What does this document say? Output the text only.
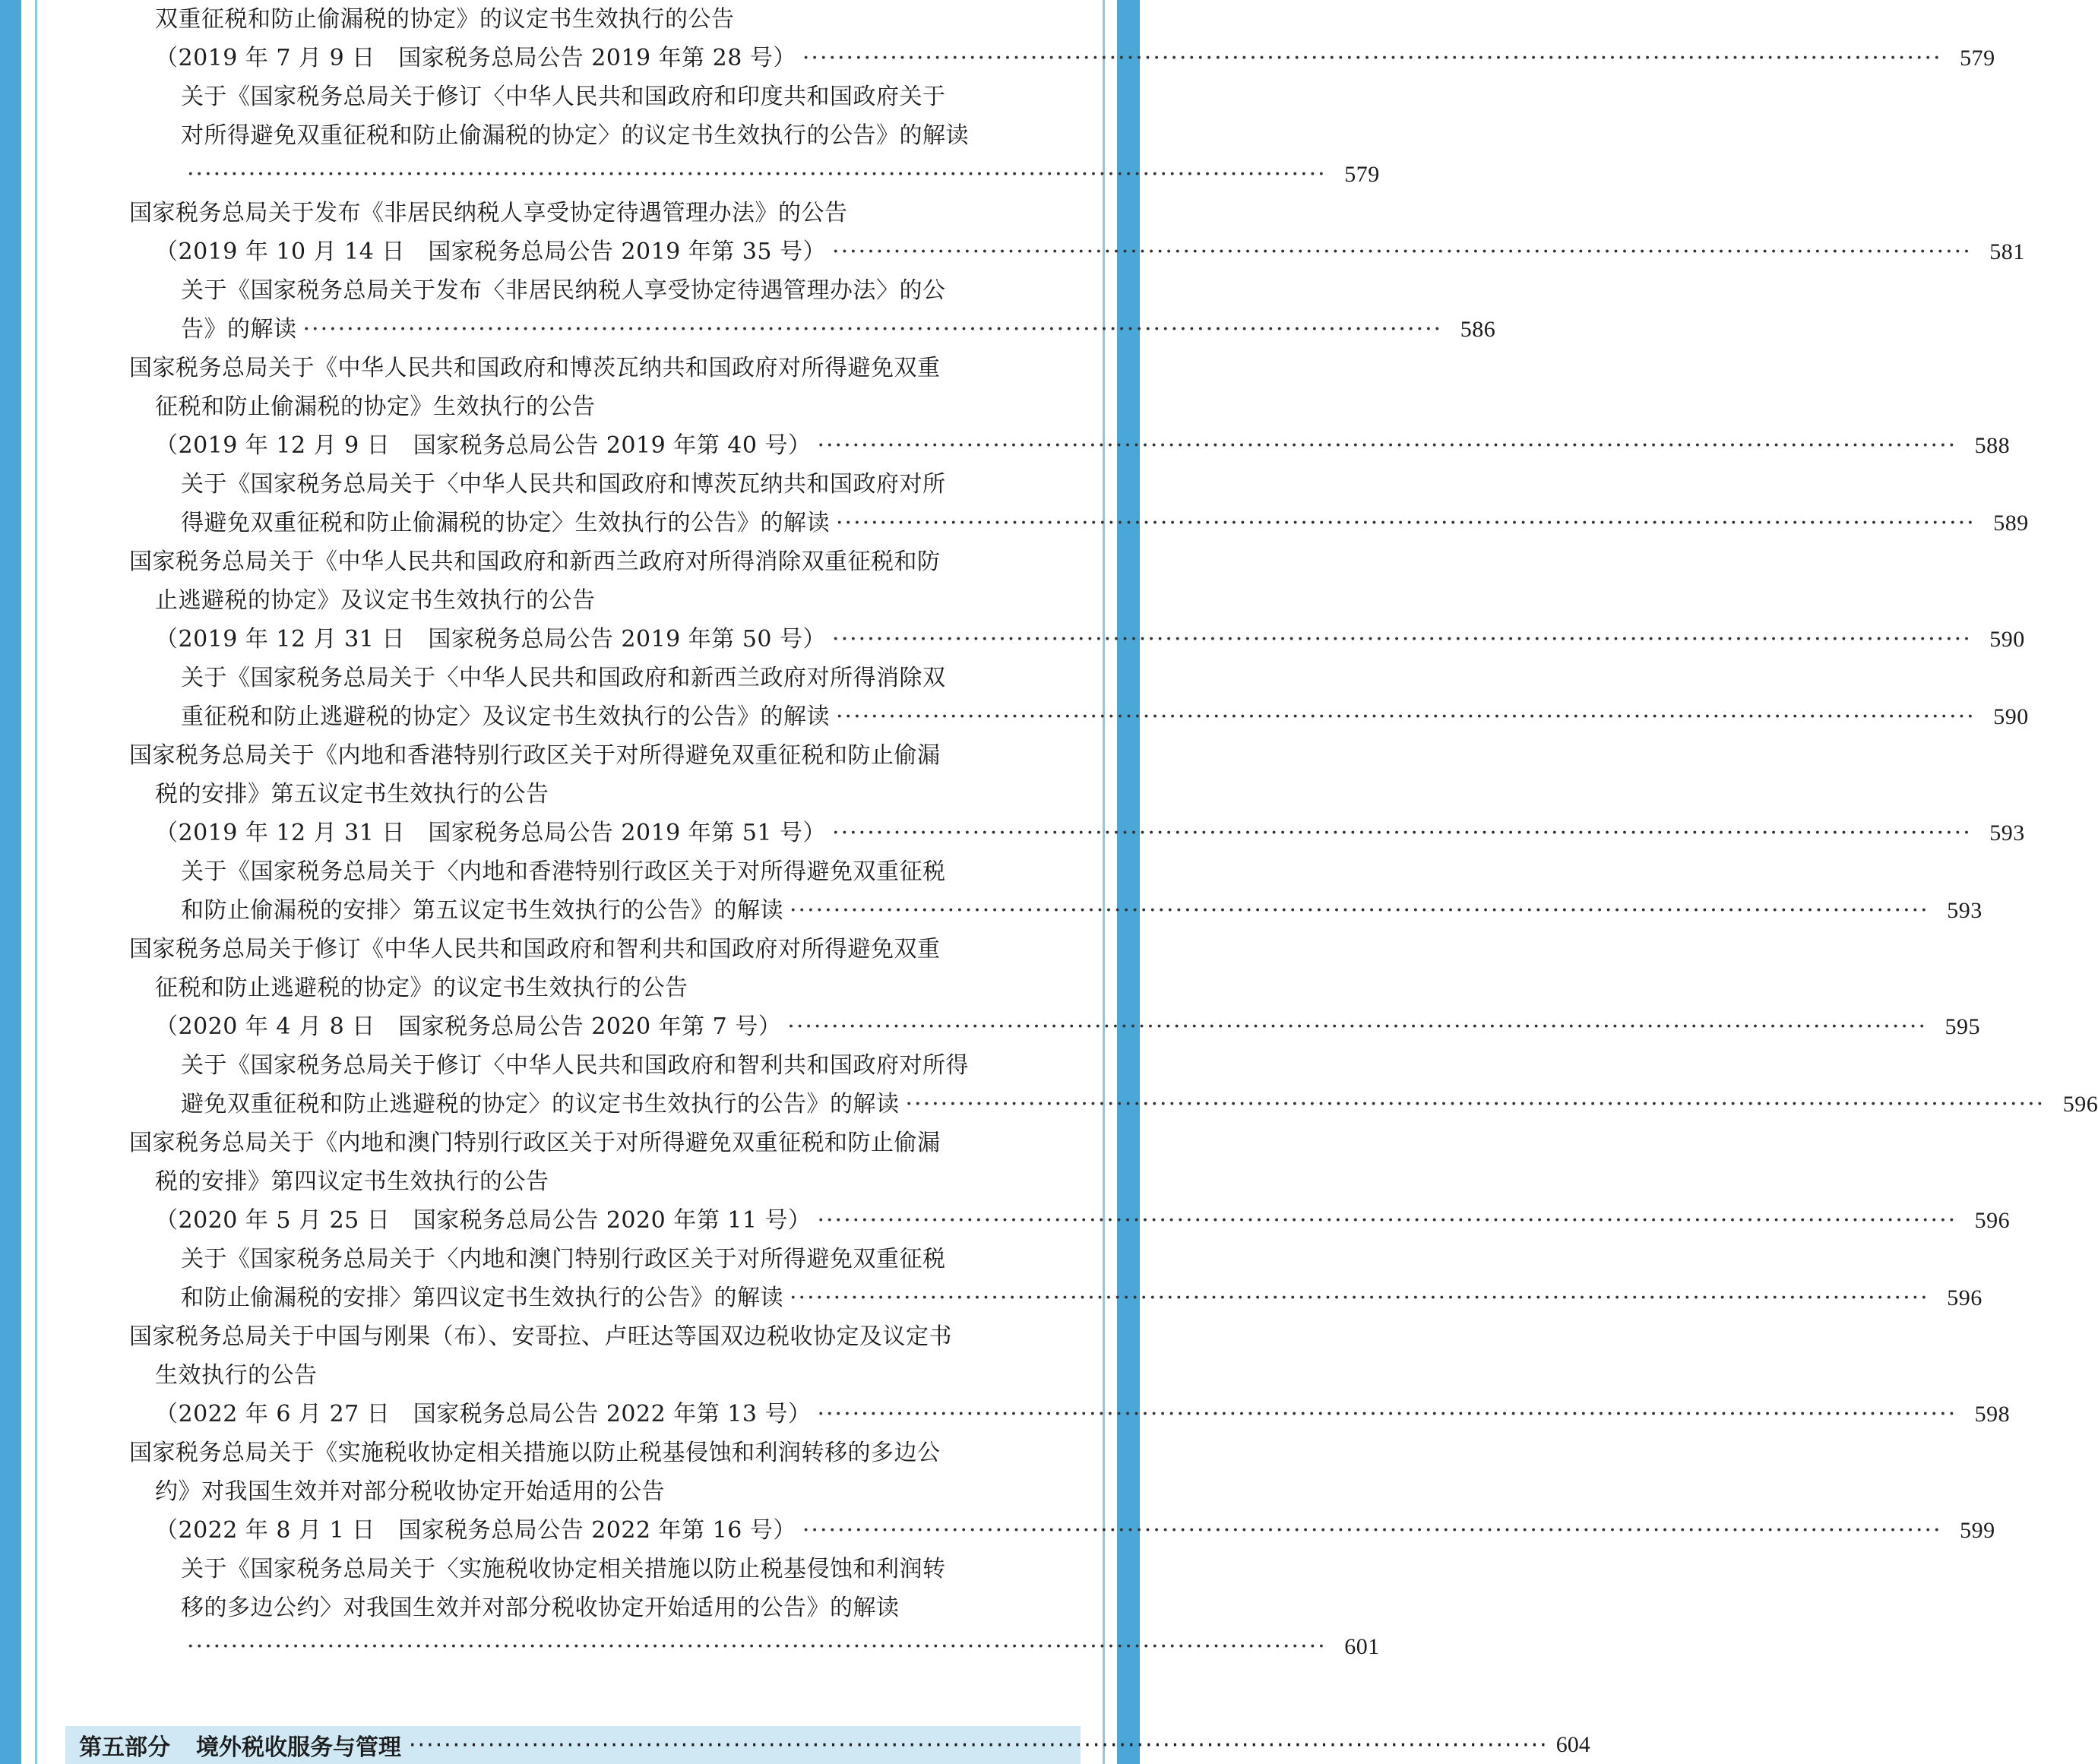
双重征税和防止偷漏税的协定》的议定书生效执行的公告
（2019 年 7 月 9 日　国家税务总局公告 2019 年第 28 号） ·································································································································· 579
关于《国家税务总局关于修订〈中华人民共和国政府和印度共和国政府关于
对所得避免双重征税和防止偷漏税的协定〉的议定书生效执行的公告》的解读
·································································································································· 579
国家税务总局关于发布《非居民纳税人享受协定待遇管理办法》的公告
（2019 年 10 月 14 日　国家税务总局公告 2019 年第 35 号） ·································································································································· 581
关于《国家税务总局关于发布〈非居民纳税人享受协定待遇管理办法〉的公
告》的解读 ·································································································································· 586
国家税务总局关于《中华人民共和国政府和博茨瓦纳共和国政府对所得避免双重
征税和防止偷漏税的协定》生效执行的公告
（2019 年 12 月 9 日　国家税务总局公告 2019 年第 40 号） ·································································································································· 588
关于《国家税务总局关于〈中华人民共和国政府和博茨瓦纳共和国政府对所
得避免双重征税和防止偷漏税的协定〉生效执行的公告》的解读 ·································································································································· 589
国家税务总局关于《中华人民共和国政府和新西兰政府对所得消除双重征税和防
止逃避税的协定》及议定书生效执行的公告
（2019 年 12 月 31 日　国家税务总局公告 2019 年第 50 号） ·································································································································· 590
关于《国家税务总局关于〈中华人民共和国政府和新西兰政府对所得消除双
重征税和防止逃避税的协定〉及议定书生效执行的公告》的解读 ·································································································································· 590
国家税务总局关于《内地和香港特别行政区关于对所得避免双重征税和防止偷漏
税的安排》第五议定书生效执行的公告
（2019 年 12 月 31 日　国家税务总局公告 2019 年第 51 号） ·································································································································· 593
关于《国家税务总局关于〈内地和香港特别行政区关于对所得避免双重征税
和防止偷漏税的安排〉第五议定书生效执行的公告》的解读 ·································································································································· 593
国家税务总局关于修订《中华人民共和国政府和智利共和国政府对所得避免双重
征税和防止逃避税的协定》的议定书生效执行的公告
（2020 年 4 月 8 日　国家税务总局公告 2020 年第 7 号） ·································································································································· 595
关于《国家税务总局关于修订〈中华人民共和国政府和智利共和国政府对所得
避免双重征税和防止逃避税的协定〉的议定书生效执行的公告》的解读 ·································································································································· 596
国家税务总局关于《内地和澳门特别行政区关于对所得避免双重征税和防止偷漏
税的安排》第四议定书生效执行的公告
（2020 年 5 月 25 日　国家税务总局公告 2020 年第 11 号） ·································································································································· 596
关于《国家税务总局关于〈内地和澳门特别行政区关于对所得避免双重征税
和防止偷漏税的安排〉第四议定书生效执行的公告》的解读 ·································································································································· 596
国家税务总局关于中国与刚果（布）、安哥拉、卢旺达等国双边税收协定及议定书
生效执行的公告
（2022 年 6 月 27 日　国家税务总局公告 2022 年第 13 号） ·································································································································· 598
国家税务总局关于《实施税收协定相关措施以防止税基侵蚀和利润转移的多边公
约》对我国生效并对部分税收协定开始适用的公告
（2022 年 8 月 1 日　国家税务总局公告 2022 年第 16 号） ·································································································································· 599
关于《国家税务总局关于〈实施税收协定相关措施以防止税基侵蚀和利润转
移的多边公约〉对我国生效并对部分税收协定开始适用的公告》的解读
·································································································································· 601
第五部分 境外税收服务与管理 ·································································································································· 604
